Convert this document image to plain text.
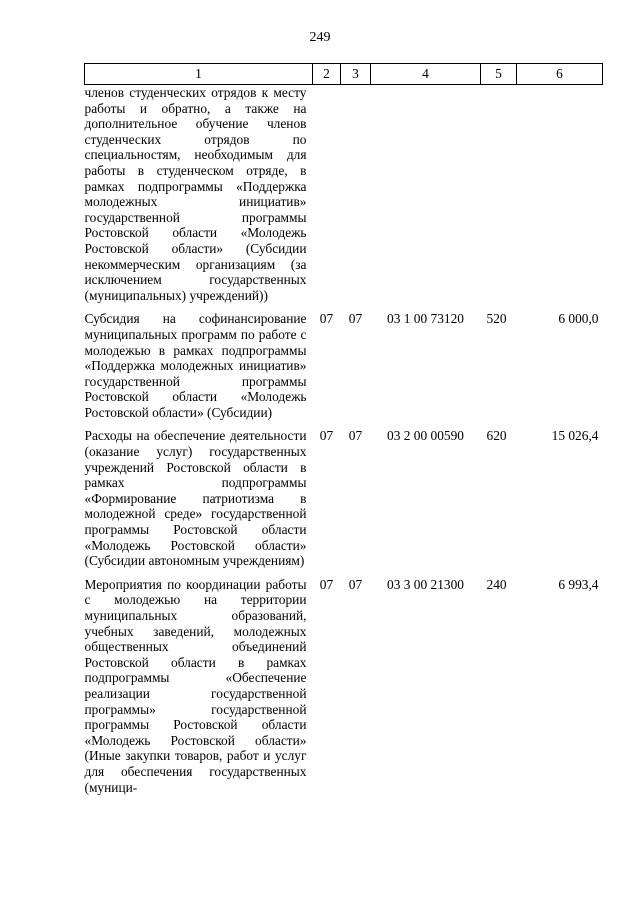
249
1	2	3	4	5	6
членов студенческих отрядов к месту работы и обратно, а также на дополнительное обучение членов студенческих отрядов по специальностям, необходимым для работы в студенческом отряде, в рамках подпрограммы «Поддержка молодежных инициатив» государственной программы Ростовской области «Молодежь Ростовской области» (Субсидии некоммерческим организациям (за исключением государственных (муниципальных) учреждений))					

Субсидия на софинансирование муниципальных программ по работе с молодежью в рамках подпрограммы «Поддержка молодежных инициатив» государственной программы Ростовской области «Молодежь Ростовской области» (Субсидии)	07	07	03 1 00 73120	520	6 000,0

Расходы на обеспечение деятельности (оказание услуг) государственных учреждений Ростовской области в рамках подпрограммы «Формирование патриотизма в молодежной среде» государственной программы Ростовской области «Молодежь Ростовской области» (Субсидии автономным учреждениям)	07	07	03 2 00 00590	620	15 026,4

Мероприятия по координации работы с молодежью на территории муниципальных образований, учебных заведений, молодежных общественных объединений Ростовской области в рамках подпрограммы «Обеспечение реализации государственной программы» государственной программы Ростовской области «Молодежь Ростовской области» (Иные закупки товаров, работ и услуг для обеспечения государственных (муници-	07	07	03 3 00 21300	240	6 993,4
